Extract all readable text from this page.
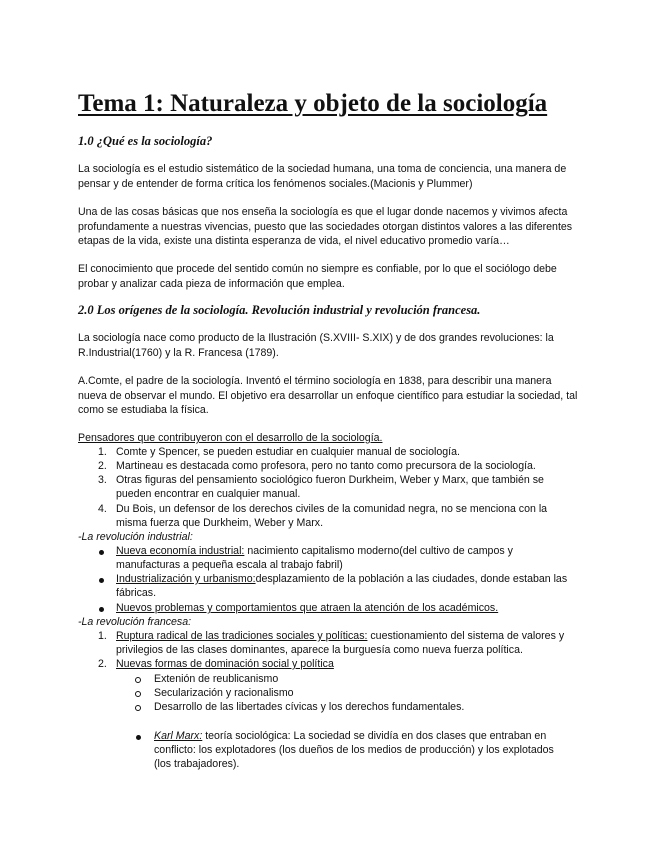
Tema 1: Naturaleza y objeto de la sociología
1.0 ¿Qué es la sociología?

La sociología es el estudio sistemático de la sociedad humana, una toma de conciencia, una manera de pensar y de entender de forma crítica los fenómenos sociales.(Macionis y Plummer)

Una de las cosas básicas que nos enseña la sociología es que el lugar donde nacemos y vivimos afecta profundamente a nuestras vivencias, puesto que las sociedades otorgan distintos valores a las diferentes etapas de la vida, existe una distinta esperanza de vida, el nivel educativo promedio varía…

El conocimiento que procede del sentido común no siempre es confiable, por lo que el sociólogo debe probar y analizar cada pieza de información que emplea.

2.0 Los orígenes de la sociología. Revolución industrial y revolución francesa.

La sociología nace como producto de la Ilustración (S.XVIII- S.XIX) y de dos grandes revoluciones: la R.Industrial(1760) y la R. Francesa (1789).

A.Comte, el padre de la sociología. Inventó el término sociología en 1838, para describir una manera nueva de observar el mundo. El objetivo era desarrollar un enfoque científico para estudiar la sociedad, tal como se estudiaba la física.

Pensadores que contribuyeron con el desarrollo de la sociología.

1. Comte y Spencer, se pueden estudiar en cualquier manual de sociología.
2. Martineau es destacada como profesora, pero no tanto como precursora de la sociología.
3. Otras figuras del pensamiento sociológico fueron Durkheim, Weber y Marx, que también se
pueden encontrar en cualquier manual.
4. Du Bois, un defensor de los derechos civiles de la comunidad negra, no se menciona con la
misma fuerza que Durkheim, Weber y Marx.

-La revolución industrial:

Nueva economía industrial: nacimiento capitalismo moderno(del cultivo de campos y
manufacturas a pequeña escala al trabajo fabril)
Industrialización y urbanismo:desplazamiento de la población a las ciudades, donde estaban las
fábricas.
Nuevos problemas y comportamientos que atraen la atención de los académicos.

-La revolución francesa:

1. Ruptura radical de las tradiciones sociales y políticas: cuestionamiento del sistema de valores y
privilegios de las clases dominantes, aparece la burguesía como nueva fuerza política.
2. Nuevas formas de dominación social y política
Extenión de reublicanismo
Secularización y racionalismo
Desarrollo de las libertades cívicas y los derechos fundamentales.
Karl Marx: teoría sociológica: La sociedad se dividía en dos clases que entraban en
conflicto: los explotadores (los dueños de los medios de producción) y los explotados
(los trabajadores).
